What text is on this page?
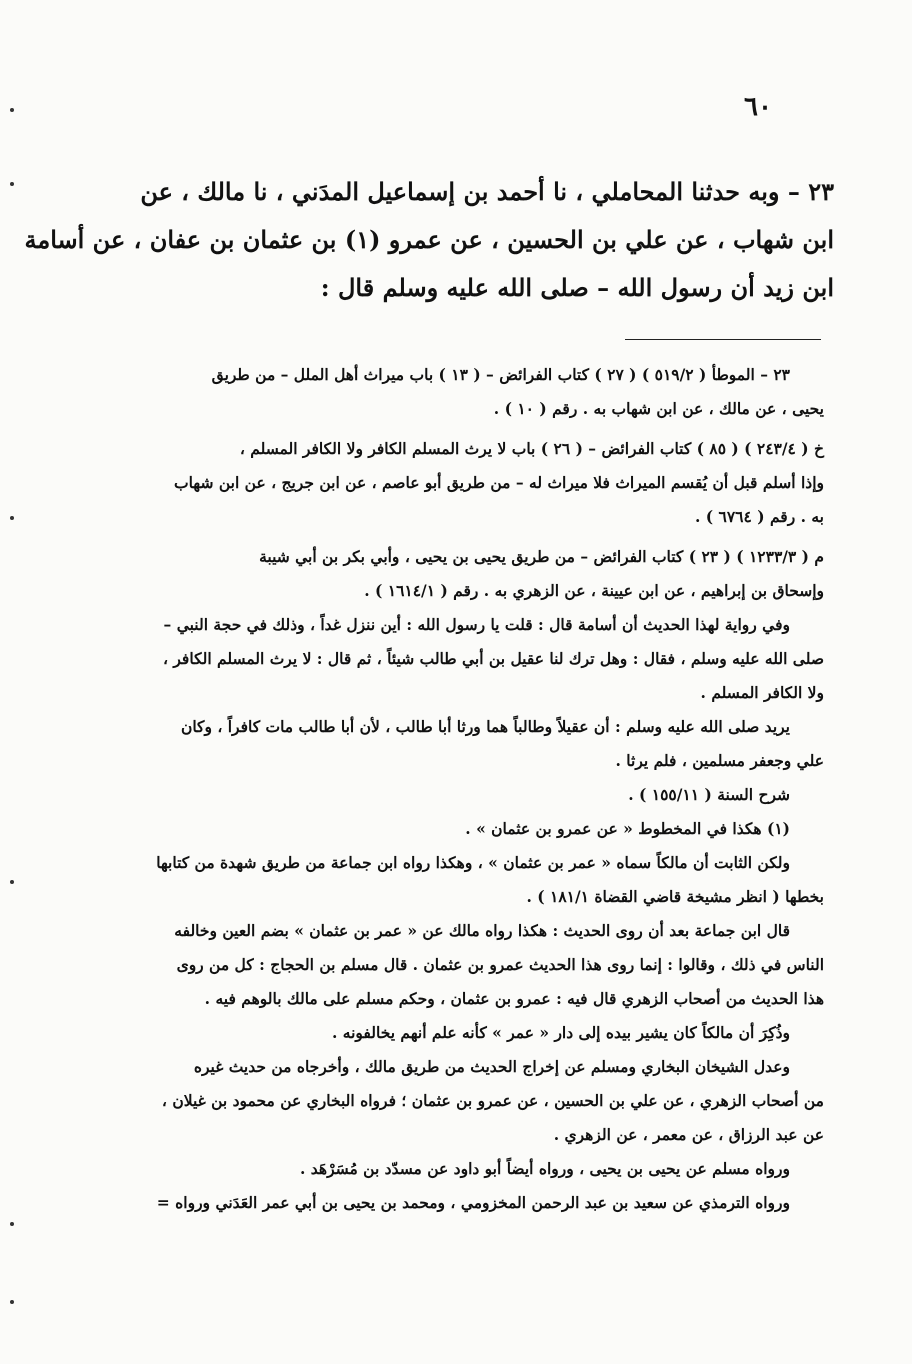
٦٠
٢٣ – وبه حدثنا المحاملي ، نا أحمد بن إسماعيل المدَني ، نا مالك ، عن
ابن شهاب ، عن علي بن الحسين ، عن عمرو (١) بن عثمان بن عفان ، عن أسامة
ابن زيد أن رسول الله – صلى الله عليه وسلم قال :
٢٣ – الموطأ ( ٥١٩/٢ ) ( ٢٧ ) كتاب الفرائض – ( ١٣ ) باب ميراث أهل الملل – من طريق
يحيى ، عن مالك ، عن ابن شهاب به . رقم ( ١٠ ) .
خ ( ٢٤٣/٤ ) ( ٨٥ ) كتاب الفرائض – ( ٢٦ ) باب لا يرث المسلم الكافر ولا الكافر المسلم ،
وإذا أسلم قبل أن يُقسم الميراث فلا ميراث له – من طريق أبو عاصم ، عن ابن جريج ، عن ابن شهاب
به . رقم ( ٦٧٦٤ ) .
م ( ١٢٣٣/٣ ) ( ٢٣ ) كتاب الفرائض – من طريق يحيى بن يحيى ، وأبي بكر بن أبي شيبة
وإسحاق بن إبراهيم ، عن ابن عيينة ، عن الزهري به . رقم ( ١٦١٤/١ ) .
وفي رواية لهذا الحديث أن أسامة قال : قلت يا رسول الله : أين ننزل غداً ، وذلك في حجة النبي –
صلى الله عليه وسلم ، فقال : وهل ترك لنا عقيل بن أبي طالب شيئاً ، ثم قال : لا يرث المسلم الكافر ،
ولا الكافر المسلم .
يريد صلى الله عليه وسلم : أن عقيلاً وطالباً هما ورثا أبا طالب ، لأن أبا طالب مات كافراً ، وكان
علي وجعفر مسلمين ، فلم يرثا .
شرح السنة ( ١٥٥/١١ ) .
(١) هكذا في المخطوط « عن عمرو بن عثمان » .
ولكن الثابت أن مالكاً سماه « عمر بن عثمان » ، وهكذا رواه ابن جماعة من طريق شهدة من كتابها
بخطها ( انظر مشيخة قاضي القضاة ١٨١/١ ) .
قال ابن جماعة بعد أن روى الحديث : هكذا رواه مالك عن « عمر بن عثمان » بضم العين وخالفه
الناس في ذلك ، وقالوا : إنما روى هذا الحديث عمرو بن عثمان . قال مسلم بن الحجاج : كل من روى
هذا الحديث من أصحاب الزهري قال فيه : عمرو بن عثمان ، وحكم مسلم على مالك بالوهم فيه .
وذُكِرَ أن مالكاً كان يشير بيده إلى دار « عمر » كأنه علم أنهم يخالفونه .
وعدل الشيخان البخاري ومسلم عن إخراج الحديث من طريق مالك ، وأخرجاه من حديث غيره
من أصحاب الزهري ، عن علي بن الحسين ، عن عمرو بن عثمان ؛ فرواه البخاري عن محمود بن غيلان ،
عن عبد الرزاق ، عن معمر ، عن الزهري .
ورواه مسلم عن يحيى بن يحيى ، ورواه أيضاً أبو داود عن مسدّد بن مُسَرْهَد .
ورواه الترمذي عن سعيد بن عبد الرحمن المخزومي ، ومحمد بن يحيى بن أبي عمر العَدَني ورواه =
